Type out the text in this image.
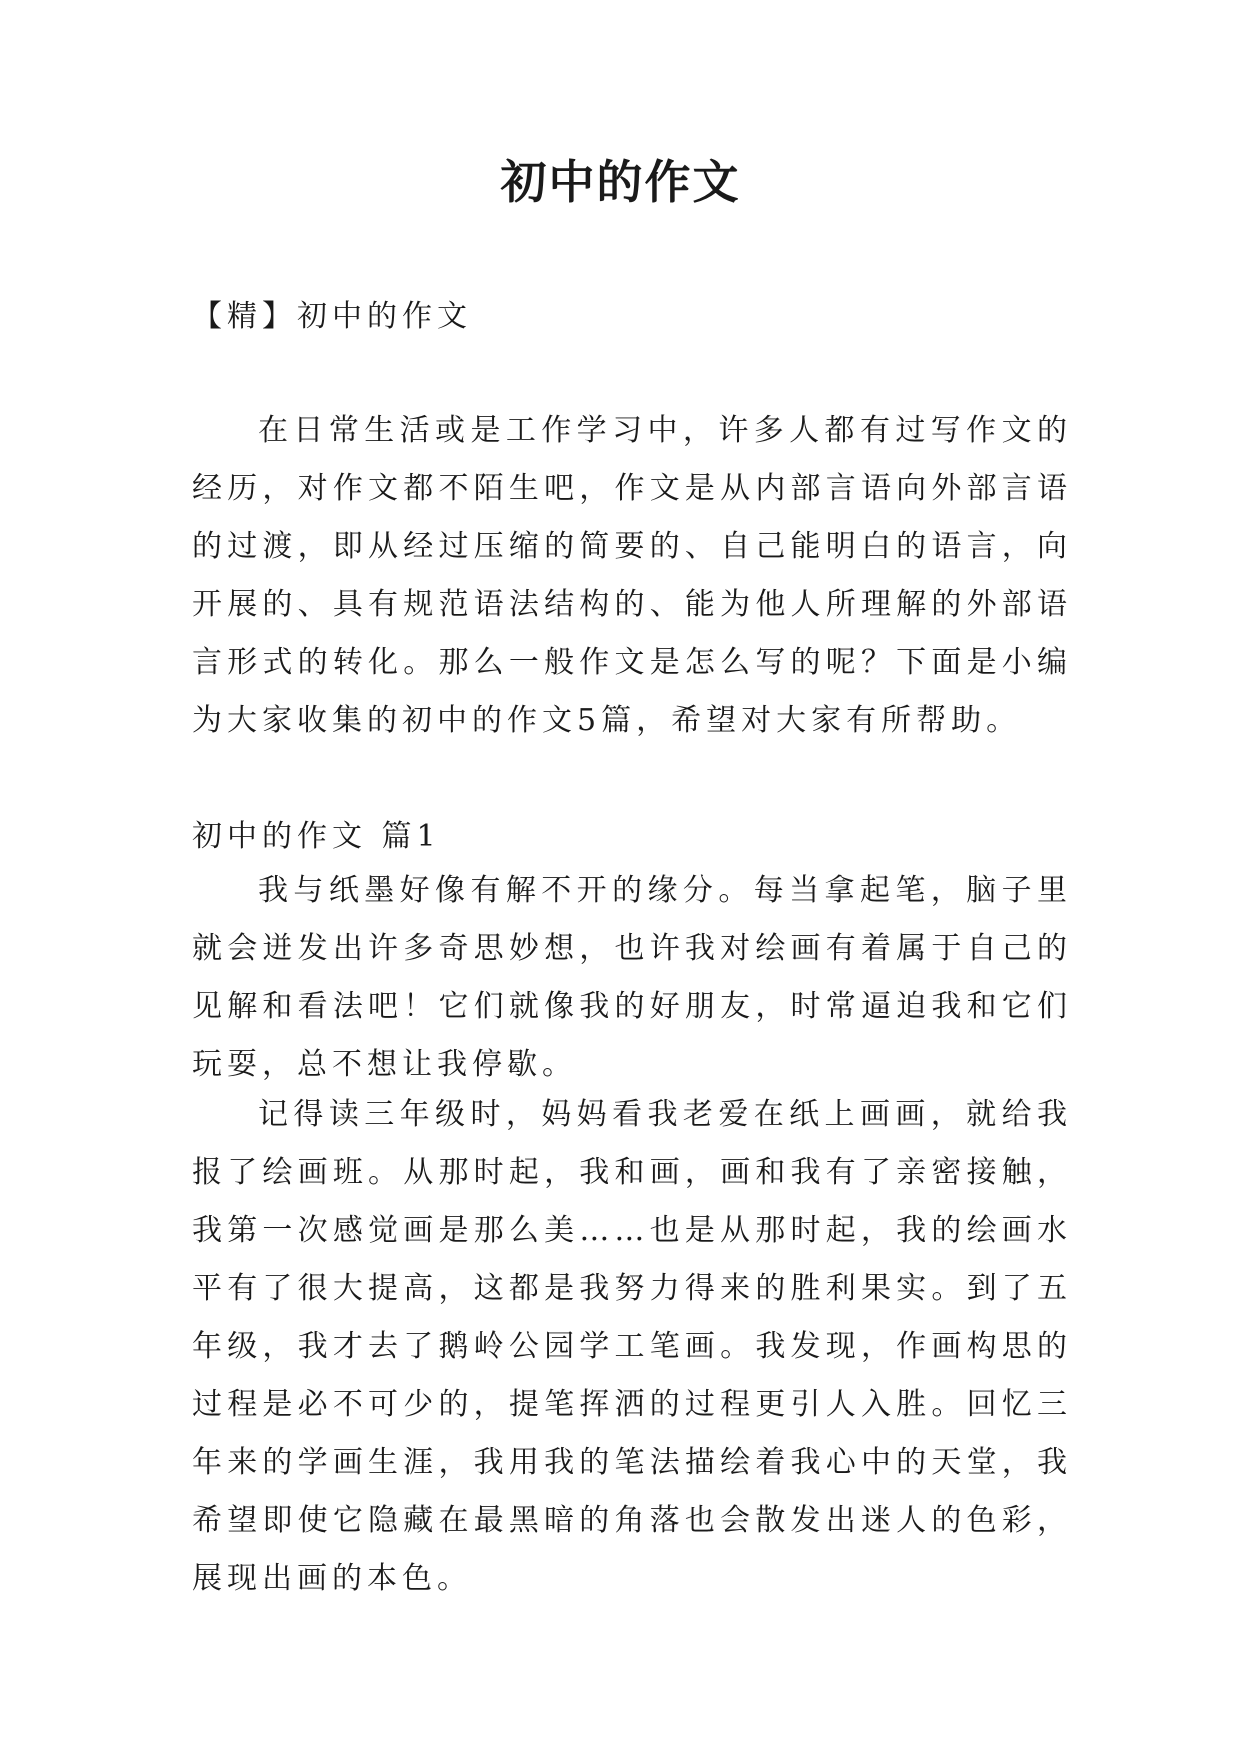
初中的作文

【精】初中的作文

在日常生活或是工作学习中，许多人都有过写作文的经历，对作文都不陌生吧，作文是从内部言语向外部言语的过渡，即从经过压缩的简要的、自己能明白的语言，向开展的、具有规范语法结构的、能为他人所理解的外部语言形式的转化。那么一般作文是怎么写的呢？下面是小编为大家收集的初中的作文5篇，希望对大家有所帮助。

初中的作文 篇1

我与纸墨好像有解不开的缘分。每当拿起笔，脑子里就会迸发出许多奇思妙想，也许我对绘画有着属于自己的见解和看法吧！它们就像我的好朋友，时常逼迫我和它们玩耍，总不想让我停歇。

记得读三年级时，妈妈看我老爱在纸上画画，就给我报了绘画班。从那时起，我和画，画和我有了亲密接触，我第一次感觉画是那么美……也是从那时起，我的绘画水平有了很大提高，这都是我努力得来的胜利果实。到了五年级，我才去了鹅岭公园学工笔画。我发现，作画构思的过程是必不可少的，提笔挥洒的过程更引人入胜。回忆三年来的学画生涯，我用我的笔法描绘着我心中的天堂，我希望即使它隐藏在最黑暗的角落也会散发出迷人的色彩，展现出画的本色。
